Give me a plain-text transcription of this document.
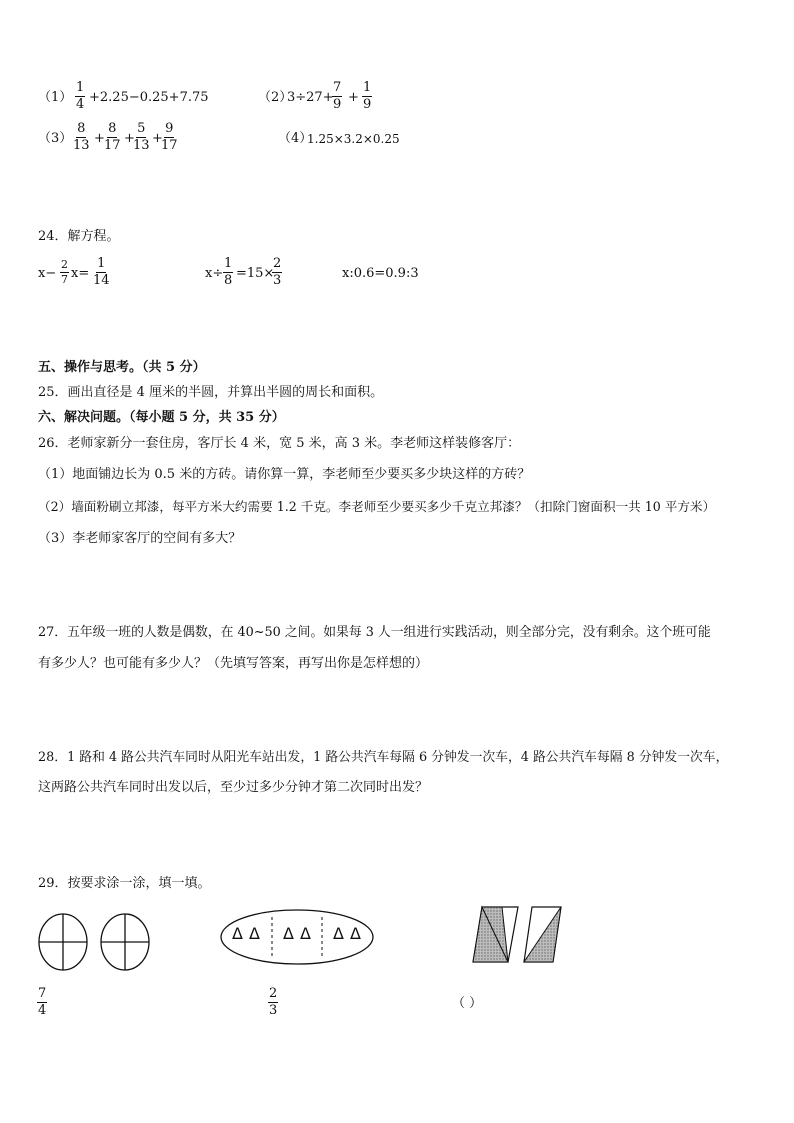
$(1) \frac{1}{4} +2.25-0.25+7.75$	（2）
3÷27+
$\frac{7}{9} + \frac{1}{9}$
$(3) \frac{8}{13} + \frac{8}{17}$ +
$\frac{5}{13}$ +
$\frac{9}{17}$	（4）
1.25×3.2×0.25
24．解方程。
$x- \frac{2}{7} x= \frac{1}{14}$	$x\div \frac{1}{8} =15\times$
$\frac{2}{3}$	x:0.6=0.9:3
五、操作与思考。（共 5 分）
25．画出直径是 4 厘米的半圆，并算出半圆的周长和面积。
六、解决问题。（每小题 5 分，共 35 分）
26．老师家新分一套住房，客厅长 4 米，宽 5 米，高 3 米。李老师这样装修客厅：
（1）地面铺边长为 0.5 米的方砖。请你算一算，李老师至少要买多少块这样的方砖？
（2）墙面粉刷立邦漆，每平方米大约需要 1.2 千克。李老师至少要买多少千克立邦漆？（扣除门窗面积一共 10 平方米）
（3）李老师家客厅的空间有多大？
27．五年级一班的人数是偶数，在 40~50 之间。如果每 3 人一组进行实践活动，则全部分完，没有剩余。这个班可能
有多少人？也可能有多少人？（先填写答案，再写出你是怎样想的）
28．1 路和 4 路公共汽车同时从阳光车站出发，1 路公共汽车每隔 6 分钟发一次车，4 路公共汽车每隔 8 分钟发一次车，
这两路公共汽车同时出发以后，至少过多少分钟才第二次同时出发？
29．按要求涂一涂，填一填。
ΔΔ ΔΔ ΔΔ
$\frac{7}{4}$	$\frac{2}{3}$	（ ）
